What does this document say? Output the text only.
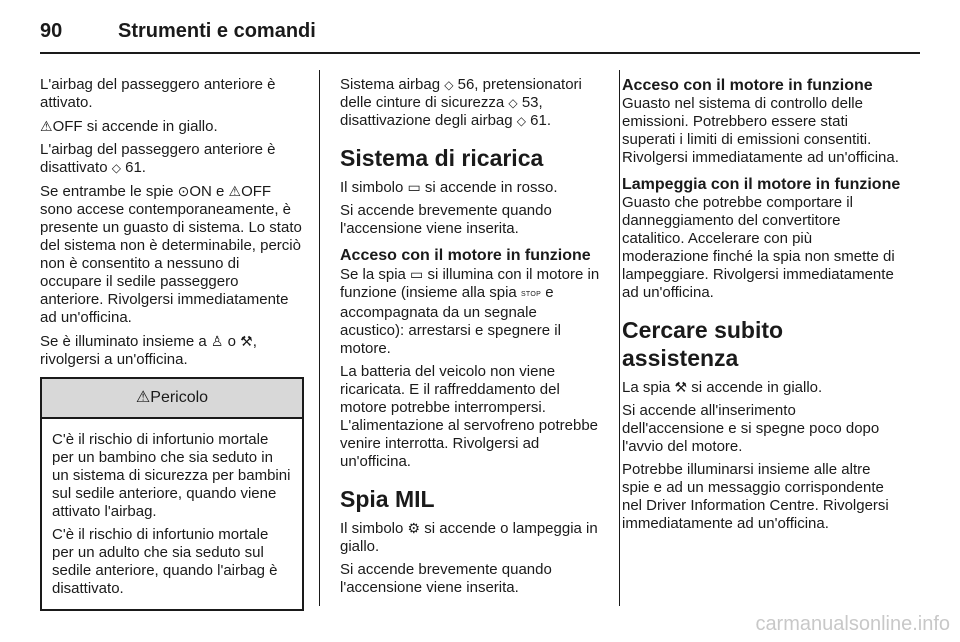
90	Strumenti e comandi

L'airbag del passeggero anteriore è attivato.

⚠OFF si accende in giallo.

L'airbag del passeggero anteriore è disattivato ◇ 61.

Se entrambe le spie ⊙ON e ⚠OFF sono accese contemporaneamente, è presente un guasto di sistema. Lo stato del sistema non è determinabile, perciò non è consentito a nessuno di occupare il sedile passeggero anteriore. Rivolgersi immediatamente ad un'officina.

Se è illuminato insieme a ♙ o ⚒, rivolgersi a un'officina.

⚠Pericolo

C'è il rischio di infortunio mortale per un bambino che sia seduto in un sistema di sicurezza per bambini sul sedile anteriore, quando viene attivato l'airbag.

C'è il rischio di infortunio mortale per un adulto che sia seduto sul sedile anteriore, quando l'airbag è disattivato.

Sistema airbag ◇ 56, pretensionatori delle cinture di sicurezza ◇ 53, disattivazione degli airbag ◇ 61.

Sistema di ricarica

Il simbolo ▭ si accende in rosso.

Si accende brevemente quando l'accensione viene inserita.

Acceso con il motore in funzione

Se la spia ▭ si illumina con il motore in funzione (insieme alla spia STOP e accompagnata da un segnale acustico): arrestarsi e spegnere il motore.

La batteria del veicolo non viene ricaricata. E il raffreddamento del motore potrebbe interrompersi. L'alimentazione al servofreno potrebbe venire interrotta. Rivolgersi ad un'officina.

Spia MIL

Il simbolo ⚙ si accende o lampeggia in giallo.

Si accende brevemente quando l'accensione viene inserita.

Acceso con il motore in funzione

Guasto nel sistema di controllo delle emissioni. Potrebbero essere stati superati i limiti di emissioni consentiti. Rivolgersi immediatamente ad un'officina.

Lampeggia con il motore in funzione

Guasto che potrebbe comportare il danneggiamento del convertitore catalitico. Accelerare con più moderazione finché la spia non smette di lampeggiare. Rivolgersi immediatamente ad un'officina.

Cercare subito assistenza

La spia ⚒ si accende in giallo.

Si accende all'inserimento dell'accensione e si spegne poco dopo l'avvio del motore.

Potrebbe illuminarsi insieme alle altre spie e ad un messaggio corrispondente nel Driver Information Centre. Rivolgersi immediatamente ad un'officina.

carmanualsonline.info
